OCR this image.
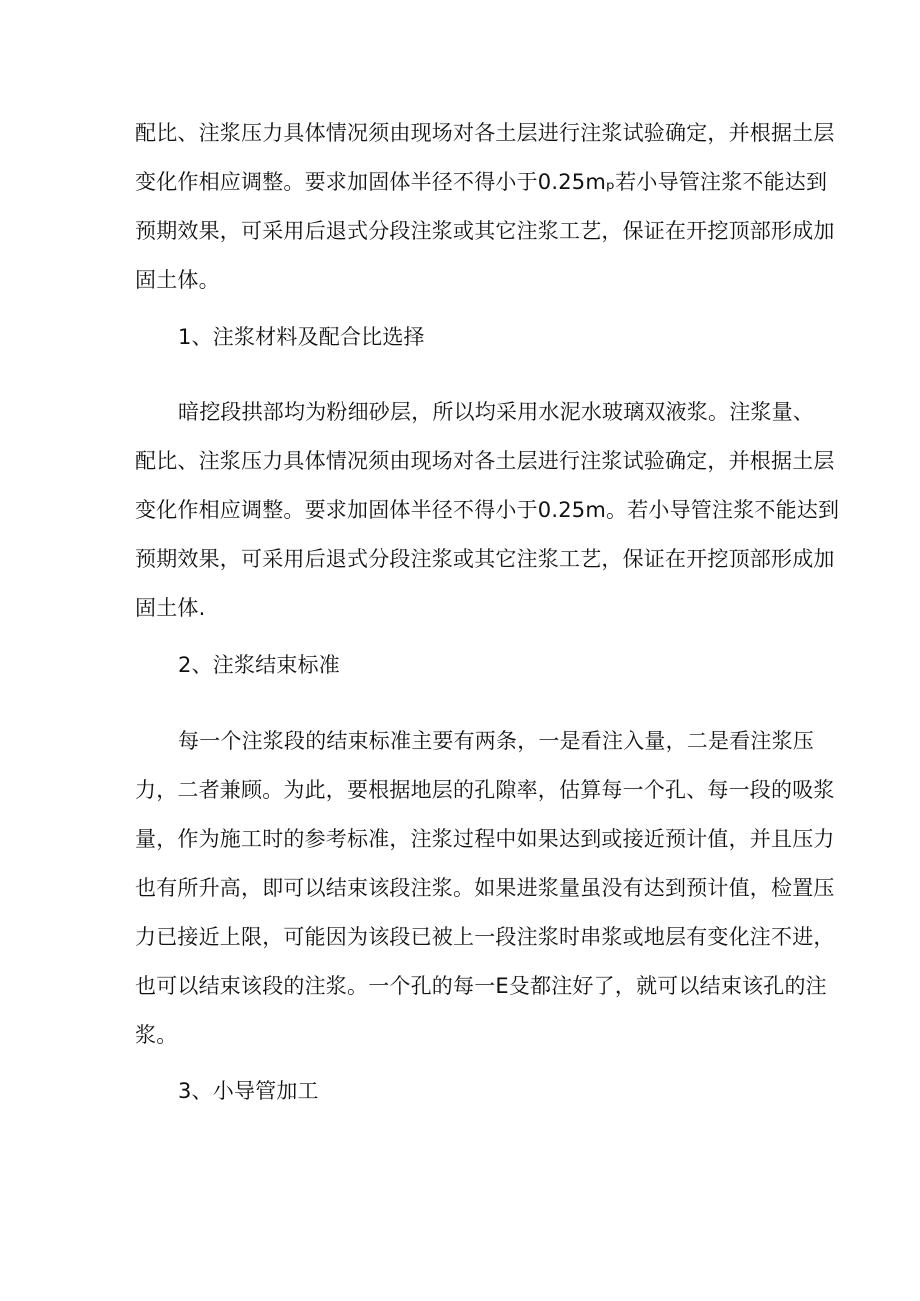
配比、注浆压力具体情况须由现场对各土层进行注浆试验确定，并根据土层
变化作相应调整。要求加固体半径不得小于0.25mₚ若小导管注浆不能达到
预期效果，可采用后退式分段注浆或其它注浆工艺，保证在开挖顶部形成加
固土体。
1、注浆材料及配合比选择
暗挖段拱部均为粉细砂层，所以均采用水泥水玻璃双液浆。注浆量、
配比、注浆压力具体情况须由现场对各土层进行注浆试验确定，并根据土层
变化作相应调整。要求加固体半径不得小于0.25m。若小导管注浆不能达到
预期效果，可采用后退式分段注浆或其它注浆工艺，保证在开挖顶部形成加
固土体.
2、注浆结束标准
每一个注浆段的结束标准主要有两条，一是看注入量，二是看注浆压
力，二者兼顾。为此，要根据地层的孔隙率，估算每一个孔、每一段的吸浆
量，作为施工时的参考标准，注浆过程中如果达到或接近预计值，并且压力
也有所升高，即可以结束该段注浆。如果进浆量虽没有达到预计值，检置压
力已接近上限，可能因为该段已被上一段注浆时串浆或地层有变化注不进，
也可以结束该段的注浆。一个孔的每一E殳都注好了，就可以结束该孔的注
浆。
3、小导管加工
